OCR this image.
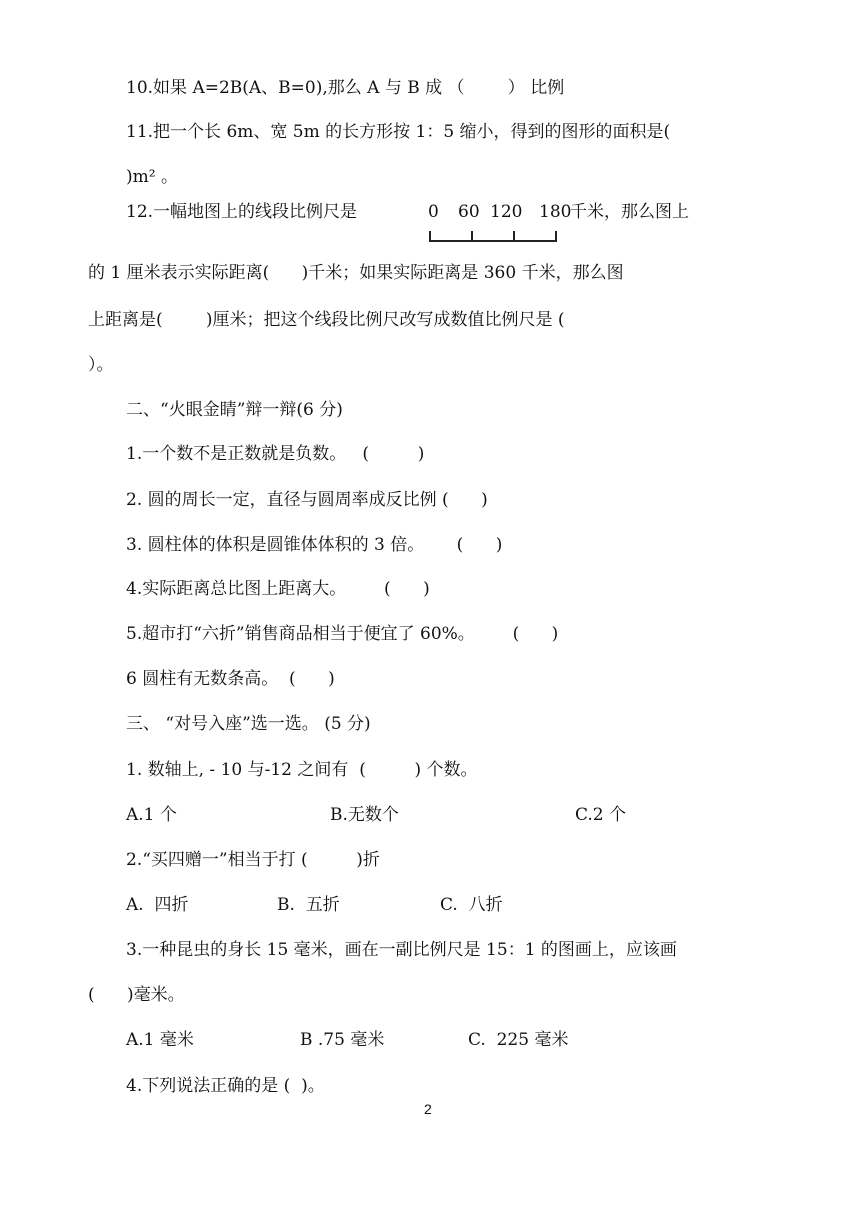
10.如果 A=2B(A、B=0),那么 A 与 B 成 （        ） 比例
11.把一个长 6m、宽 5m 的长方形按 1：5 缩小，得到的图形的面积是(
)m² 。
12.一幅地图上的线段比例尺是	0 60 120 180
千米，那么图上
的 1 厘米表示实际距离(      )千米；如果实际距离是 360 千米，那么图
上距离是(        )厘米；把这个线段比例尺改写成数值比例尺是 (
）。
二、“火眼金睛”辩一辩(6 分)
1.一个数不是正数就是负数。   (         )
2. 圆的周长一定，直径与圆周率成反比例 (      )
3. 圆柱体的体积是圆锥体体积的 3 倍。      (      )
4.实际距离总比图上距离大。       (      )
5.超市打“六折”销售商品相当于便宜了 60%。       (      )
6 圆柱有无数条高。  (      )
三、 “对号入座”选一选。 (5 分)
1. 数轴上, - 10 与-12 之间有  (         ) 个数。
A.1 个	B.无数个	C.2 个
2.“买四赠一”相当于打 (         )折
A.  四折	B.  五折	C.  八折
3.一种昆虫的身长 15 毫米，画在一副比例尺是 15：1 的图画上，应该画
(      )毫米。
A.1 毫米	B .75 毫米	C.  225 毫米
4.下列说法正确的是 (  )。
2
